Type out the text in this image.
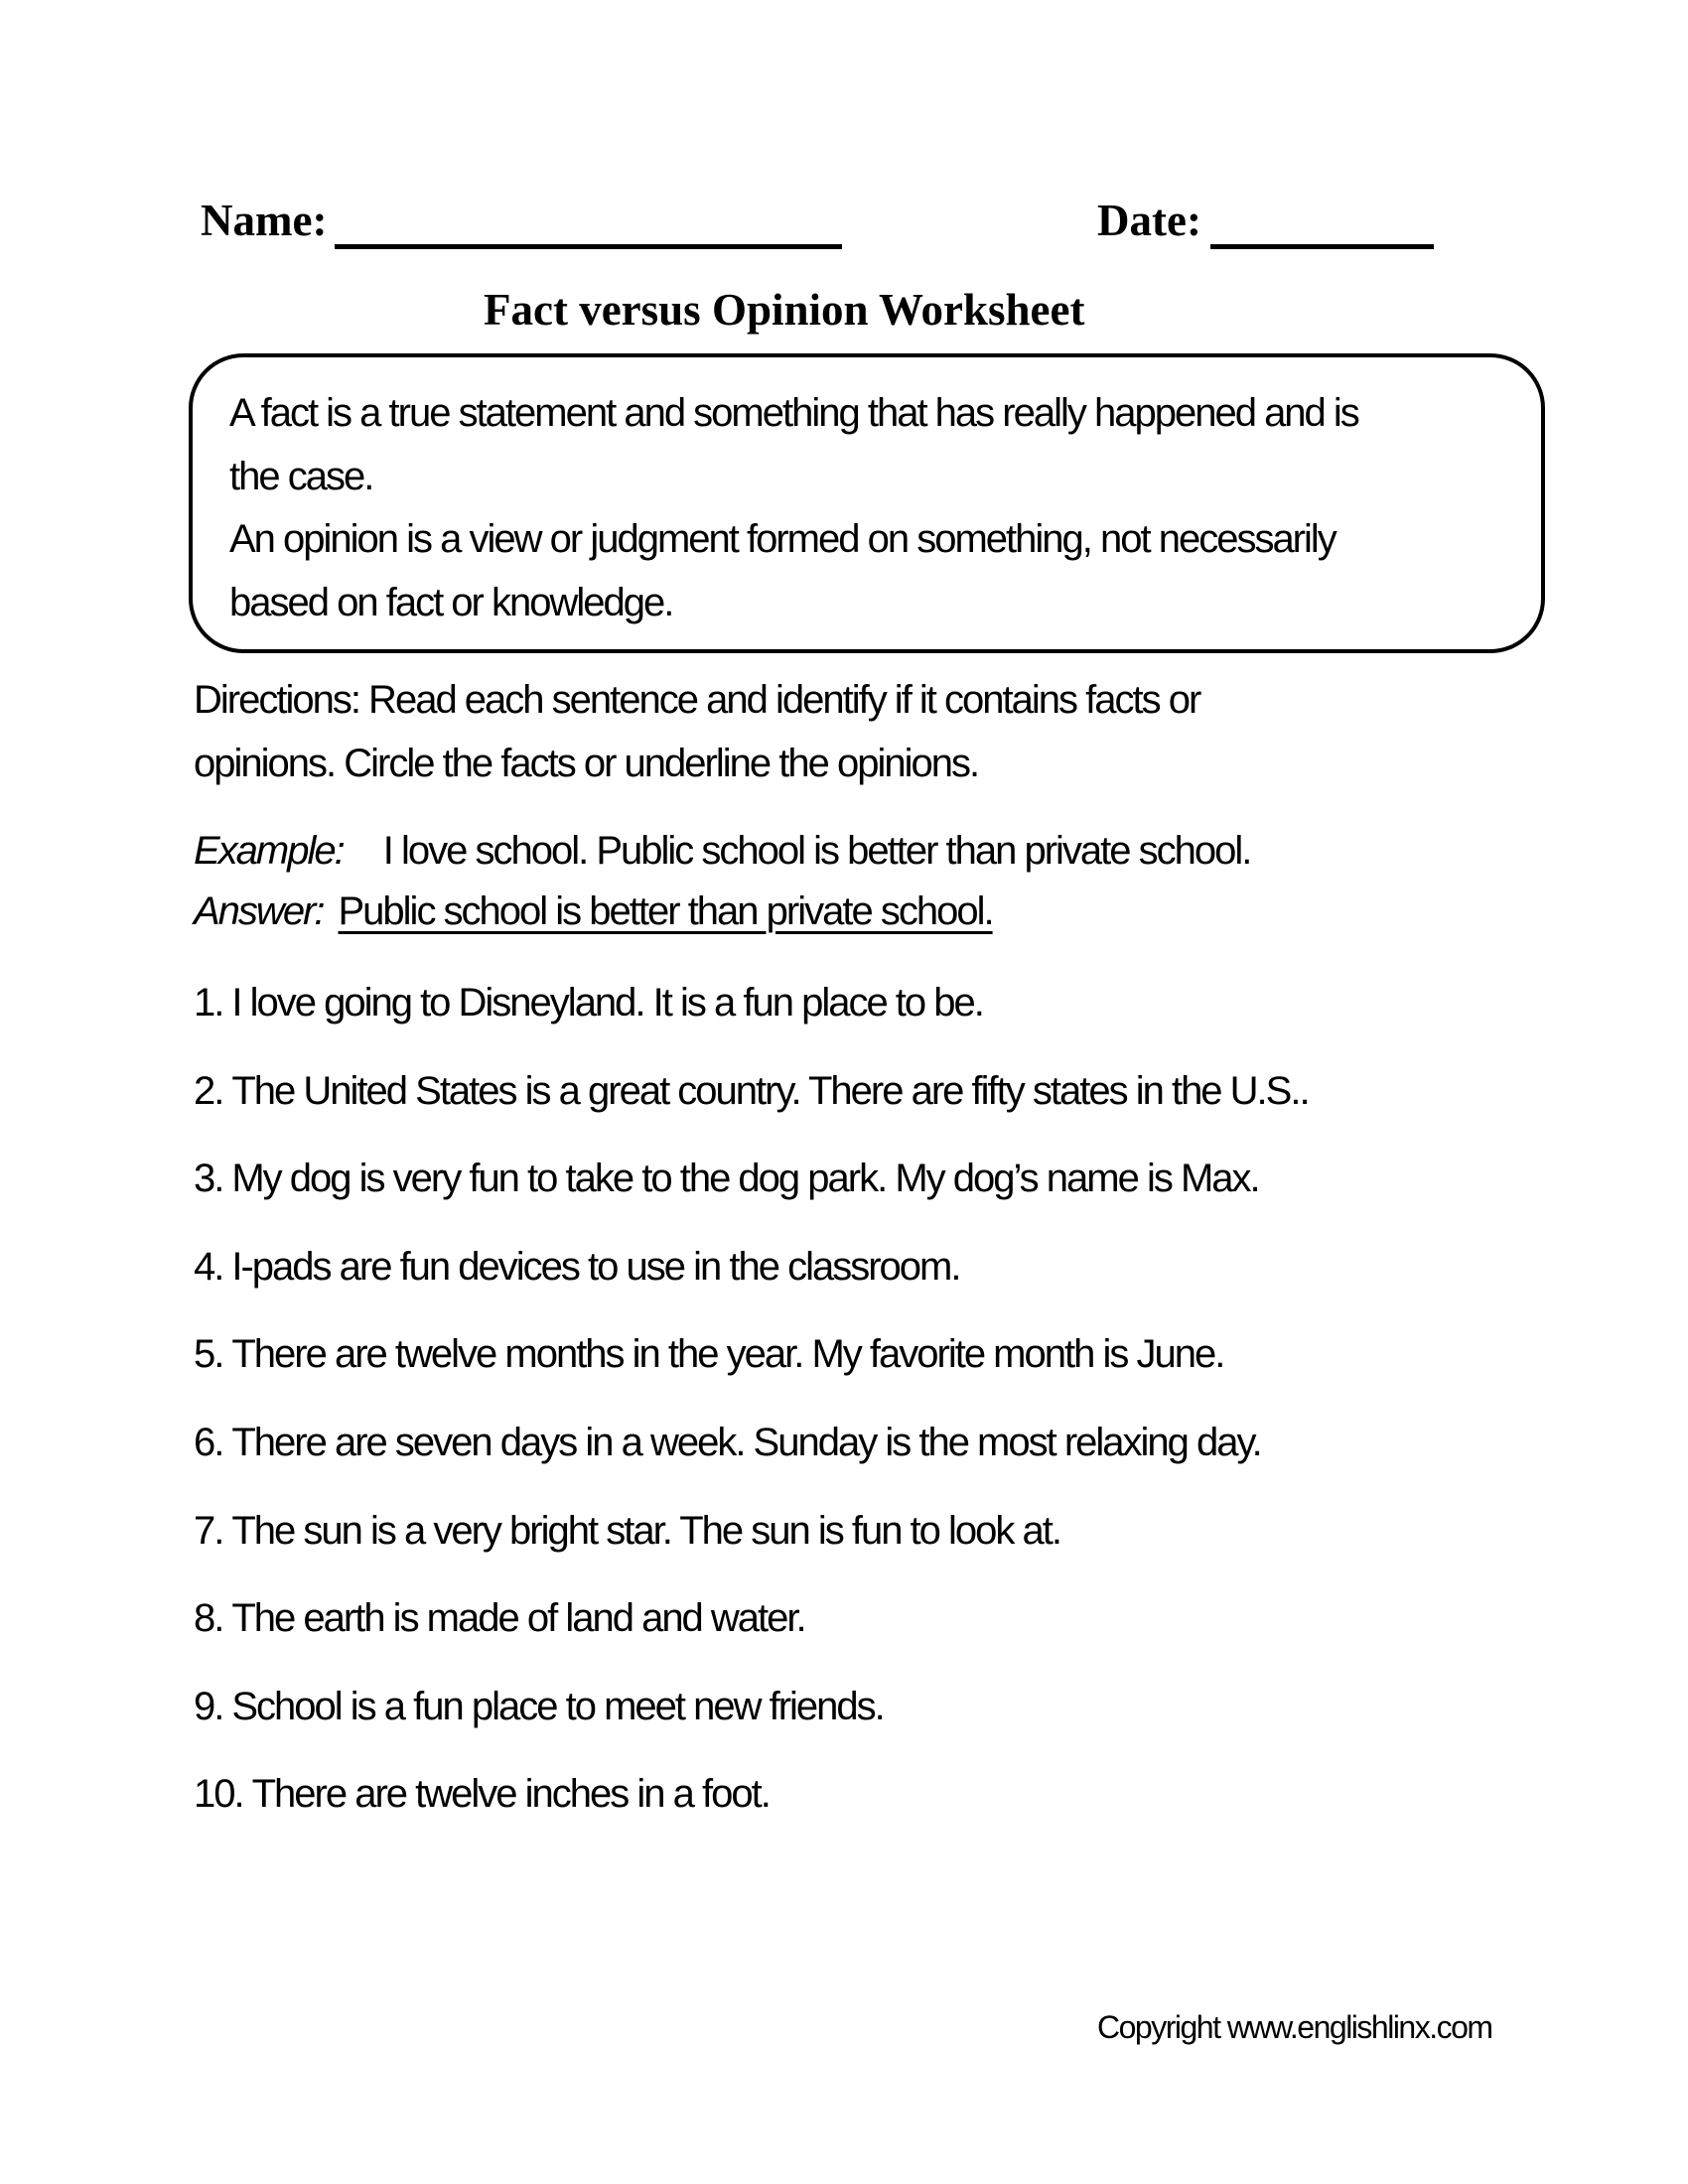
Name:	Date:
Fact versus Opinion Worksheet
A fact is a true statement and something that has really happened and is
the case.
An opinion is a view or judgment formed on something, not necessarily
based on fact or knowledge.
Directions: Read each sentence and identify if it contains facts or
opinions. Circle the facts or underline the opinions.
Example: I love school. Public school is better than private school.
Answer: Public school is better than private school.
1. I love going to Disneyland. It is a fun place to be.
2. The United States is a great country. There are fifty states in the U.S..
3. My dog is very fun to take to the dog park. My dog’s name is Max.
4. I-pads are fun devices to use in the classroom.
5. There are twelve months in the year. My favorite month is June.
6. There are seven days in a week. Sunday is the most relaxing day.
7. The sun is a very bright star. The sun is fun to look at.
8. The earth is made of land and water.
9. School is a fun place to meet new friends.
10. There are twelve inches in a foot.
Copyright www.englishlinx.com
